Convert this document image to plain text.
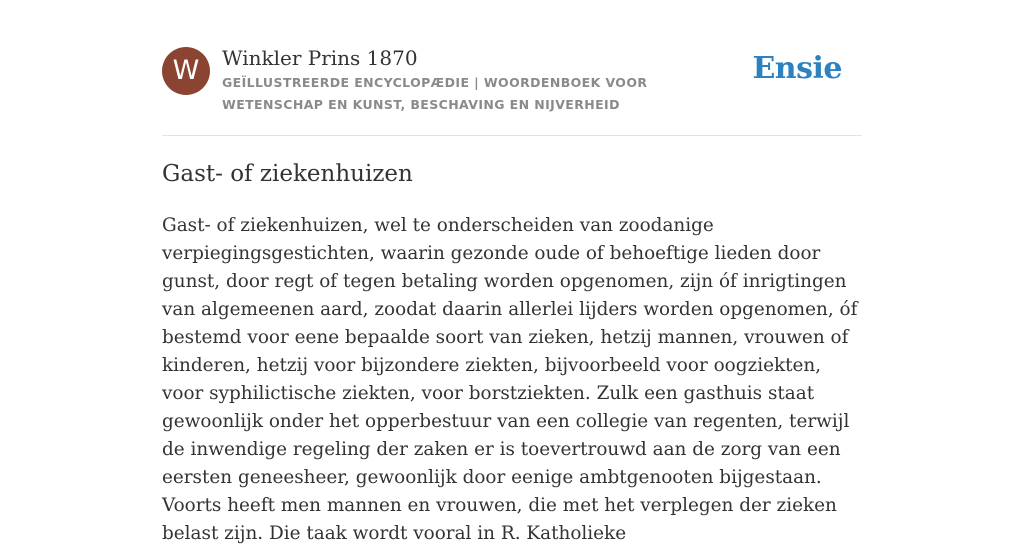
W	Winkler Prins 1870
GEÏLLUSTREERDE ENCYCLOPÆDIE | WOORDENBOEK VOOR WETENSCHAP EN KUNST, BESCHAVING EN NIJVERHEID
Ensie
Gast- of ziekenhuizen

Gast- of ziekenhuizen, wel te onderscheiden van zoodanige verpiegingsgestichten, waarin gezonde oude of behoeftige lieden door gunst, door regt of tegen betaling worden opgenomen, zijn óf inrigtingen van algemeenen aard, zoodat daarin allerlei lijders worden opgenomen, óf bestemd voor eene bepaalde soort van zieken, hetzij mannen, vrouwen of kinderen, hetzij voor bijzondere ziekten, bijvoorbeeld voor oogziekten, voor syphilictische ziekten, voor borstziekten. Zulk een gasthuis staat gewoonlijk onder het opperbestuur van een collegie van regenten, terwijl de inwendige regeling der zaken er is toevertrouwd aan de zorg van een eersten geneesheer, gewoonlijk door eenige ambtgenooten bijgestaan. Voorts heeft men mannen en vrouwen, die met het verplegen der zieken belast zijn. Die taak wordt vooral in R. Katholieke
